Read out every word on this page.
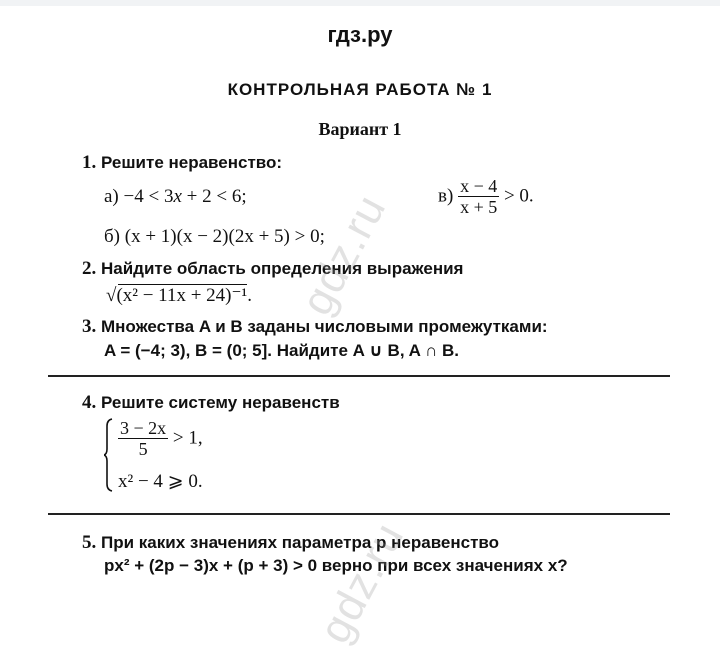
гдз.ру
КОНТРОЛЬНАЯ РАБОТА № 1
Вариант 1
1. Решите неравенство:
а) −4 < 3x + 2 < 6;	$в) \frac{x - 4}{x + 5} > 0$.
б) (x + 1)(x − 2)(2x + 5) > 0;
2. Найдите область определения выражения
√(x² − 11x + 24)⁻¹.
3. Множества A и B заданы числовыми промежутками:
A = (−4; 3), B = (0; 5]. Найдите A ∪ B, A ∩ B.
4. Решите систему неравенств
$\frac{3 - 2x}{5} > 1$,
x² − 4 ⩾ 0.
5. При каких значениях параметра p неравенство
px² + (2p − 3)x + (p + 3) > 0 верно при всех значениях x?
gdz.ru
gdz.ru
